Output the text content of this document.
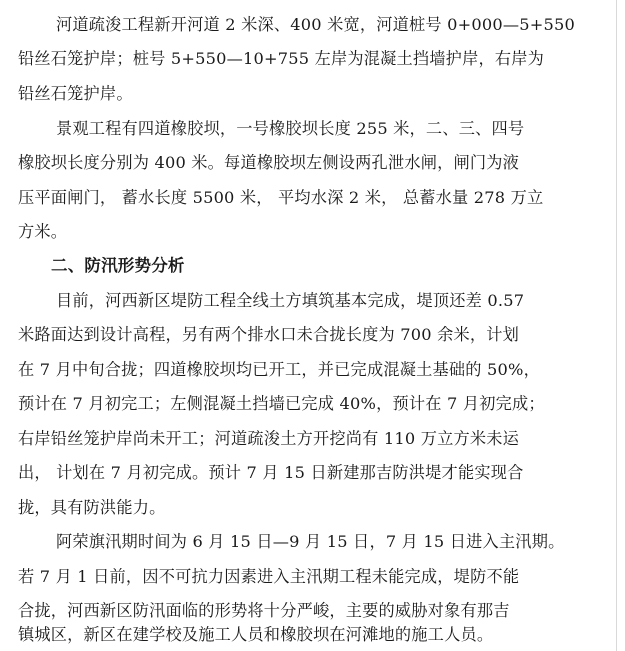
河道疏浚工程新开河道 2 米深、400 米宽，河道桩号 0+000—5+550
铅丝石笼护岸；桩号 5+550—10+755 左岸为混凝土挡墙护岸，右岸为
铅丝石笼护岸。
景观工程有四道橡胶坝，一号橡胶坝长度 255 米，二、三、四号
橡胶坝长度分别为 400 米。每道橡胶坝左侧设两孔泄水闸，闸门为液
压平面闸门， 蓄水长度 5500 米， 平均水深 2 米， 总蓄水量 278 万立
方米。
二、防汛形势分析
目前，河西新区堤防工程全线土方填筑基本完成，堤顶还差 0.57
米路面达到设计高程，另有两个排水口未合拢长度为 700 余米，计划
在 7 月中旬合拢；四道橡胶坝均已开工，并已完成混凝土基础的 50%，
预计在 7 月初完工；左侧混凝土挡墙已完成 40%，预计在 7 月初完成；
右岸铅丝笼护岸尚未开工；河道疏浚土方开挖尚有 110 万立方米未运
出， 计划在 7 月初完成。预计 7 月 15 日新建那吉防洪堤才能实现合
拢，具有防洪能力。
阿荣旗汛期时间为 6 月 15 日—9 月 15 日，7 月 15 日进入主汛期。
若 7 月 1 日前，因不可抗力因素进入主汛期工程未能完成，堤防不能
合拢，河西新区防汛面临的形势将十分严峻，主要的威胁对象有那吉
镇城区，新区在建学校及施工人员和橡胶坝在河滩地的施工人员。
